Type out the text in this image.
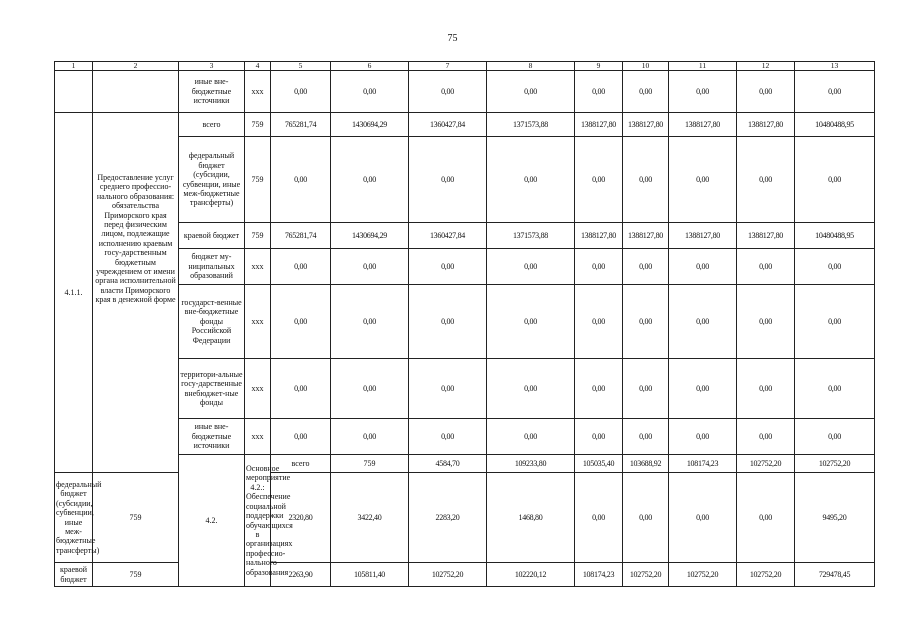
75
1	2	3	4	5	6	7	8	9	10	11	12	13	
		иные вне-бюджетные источники	xxx	0,00	0,00	0,00	0,00	0,00	0,00	0,00	0,00	0,00	
4.1.1.	Предоставление услуг среднего профессио-нального образования: обязательства Приморского края перед физическим лицом, подлежащие исполнению краевым госу-дарственным бюджетным учреждением от имени органа исполнительной власти Приморского края в денежной форме	всего	759	765281,74	1430694,29	1360427,84	1371573,88	1388127,80	1388127,80	1388127,80	1388127,80	10480488,95	
		федеральный бюджет (субсидии, субвенции, иные меж-бюджетные трансферты)	759	0,00	0,00	0,00	0,00	0,00	0,00	0,00	0,00	0,00	
		краевой бюджет	759	765281,74	1430694,29	1360427,84	1371573,88	1388127,80	1388127,80	1388127,80	1388127,80	10480488,95	
		бюджет му-ниципальных образований	xxx	0,00	0,00	0,00	0,00	0,00	0,00	0,00	0,00	0,00	
		государст-венные вне-бюджетные фонды Российской Федерации	xxx	0,00	0,00	0,00	0,00	0,00	0,00	0,00	0,00	0,00	
		территори-альные госу-дарственные внебюджет-ные фонды	xxx	0,00	0,00	0,00	0,00	0,00	0,00	0,00	0,00	0,00	
		иные вне-бюджетные источники	xxx	0,00	0,00	0,00	0,00	0,00	0,00	0,00	0,00	0,00	
		4.2.	Основное мероприятие 4.2.: Обеспечение социальной поддержки обучающихся в организациях профессио-нального образования	всего	759	4584,70	109233,80	105035,40	103688,92	108174,23	102752,20	102752,20		
федеральный бюджет (субсидии, субвенции, иные меж-бюджетные трансферты)	759			2320,80	3422,40	2283,20	1468,80	0,00	0,00	0,00	0,00	9495,20	
краевой бюджет	759			2263,90	105811,40	102752,20	102220,12	108174,23	102752,20	102752,20	102752,20	729478,45	
